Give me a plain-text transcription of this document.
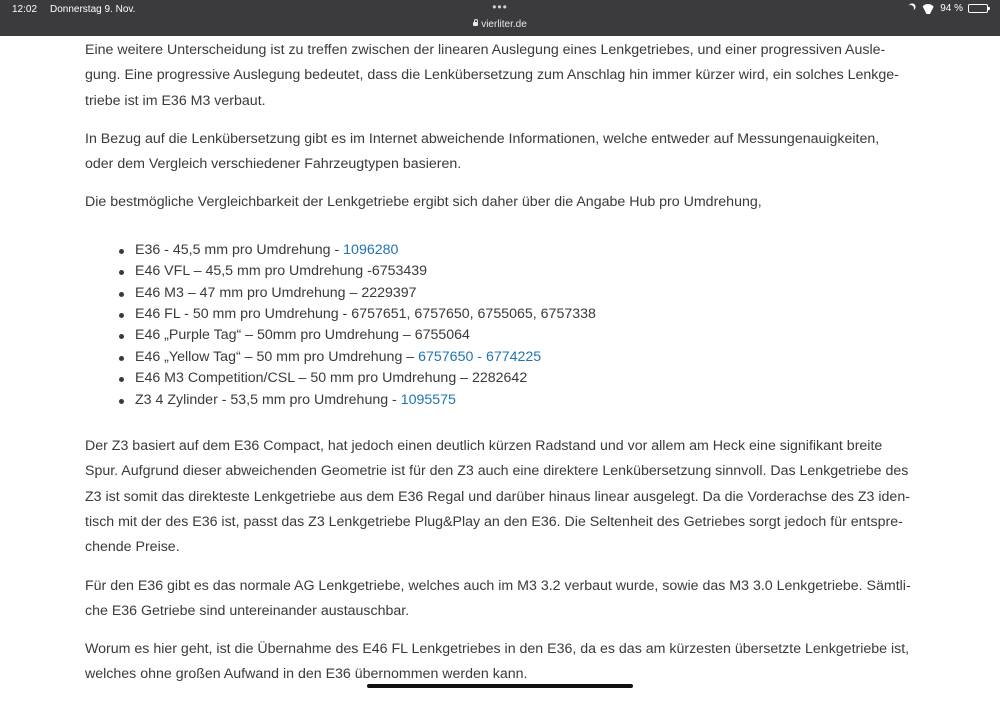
12:02 Donnerstag 9. Nov.	•••
vierliter.de
94 %

Eine weitere Unterscheidung ist zu treffen zwischen der linearen Auslegung eines Lenkgetriebes, und einer progressiven Ausle-
gung. Eine progressive Auslegung bedeutet, dass die Lenkübersetzung zum Anschlag hin immer kürzer wird, ein solches Lenkge-
triebe ist im E36 M3 verbaut.

In Bezug auf die Lenkübersetzung gibt es im Internet abweichende Informationen, welche entweder auf Messungenauigkeiten,
oder dem Vergleich verschiedener Fahrzeugtypen basieren.

Die bestmögliche Vergleichbarkeit der Lenkgetriebe ergibt sich daher über die Angabe Hub pro Umdrehung,

E36 - 45,5 mm pro Umdrehung - 1096280
E46 VFL – 45,5 mm pro Umdrehung -6753439
E46 M3 – 47 mm pro Umdrehung – 2229397
E46 FL - 50 mm pro Umdrehung - 6757651, 6757650, 6755065, 6757338
E46 „Purple Tag“ – 50mm pro Umdrehung – 6755064
E46 „Yellow Tag“ – 50 mm pro Umdrehung – 6757650 - 6774225
E46 M3 Competition/CSL – 50 mm pro Umdrehung – 2282642
Z3 4 Zylinder - 53,5 mm pro Umdrehung - 1095575

Der Z3 basiert auf dem E36 Compact, hat jedoch einen deutlich kürzen Radstand und vor allem am Heck eine signifikant breite
Spur. Aufgrund dieser abweichenden Geometrie ist für den Z3 auch eine direktere Lenkübersetzung sinnvoll. Das Lenkgetriebe des
Z3 ist somit das direkteste Lenkgetriebe aus dem E36 Regal und darüber hinaus linear ausgelegt. Da die Vorderachse des Z3 iden-
tisch mit der des E36 ist, passt das Z3 Lenkgetriebe Plug&Play an den E36. Die Seltenheit des Getriebes sorgt jedoch für entspre-
chende Preise.

Für den E36 gibt es das normale AG Lenkgetriebe, welches auch im M3 3.2 verbaut wurde, sowie das M3 3.0 Lenkgetriebe. Sämtli-
che E36 Getriebe sind untereinander austauschbar.

Worum es hier geht, ist die Übernahme des E46 FL Lenkgetriebes in den E36, da es das am kürzesten übersetzte Lenkgetriebe ist,
welches ohne großen Aufwand in den E36 übernommen werden kann.
